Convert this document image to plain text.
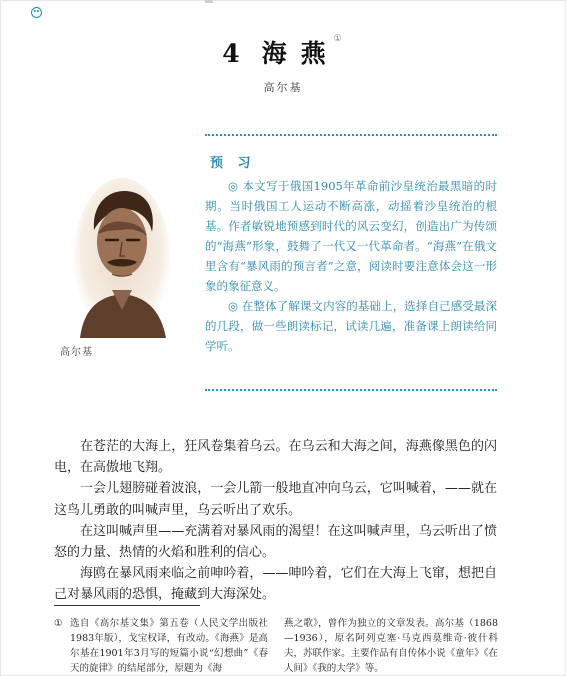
4 海 燕 ①
高尔基
高尔基
预 习

◎ 本文写于俄国1905年革命前沙皇统治最黑暗的时期。当时俄国工人运动不断高涨，动摇着沙皇统治的根基。作者敏锐地预感到时代的风云变幻，创造出广为传颂的“海燕”形象，鼓舞了一代又一代革命者。“海燕”在俄文里含有“暴风雨的预言者”之意，阅读时要注意体会这一形象的象征意义。

◎ 在整体了解课文内容的基础上，选择自己感受最深的几段，做一些朗读标记，试读几遍，准备课上朗读给同学听。

在苍茫的大海上，狂风卷集着乌云。在乌云和大海之间，海燕像黑色的闪电，在高傲地飞翔。

一会儿翅膀碰着波浪，一会儿箭一般地直冲向乌云，它叫喊着，——就在这鸟儿勇敢的叫喊声里，乌云听出了欢乐。

在这叫喊声里——充满着对暴风雨的渴望！在这叫喊声里，乌云听出了愤怒的力量、热情的火焰和胜利的信心。

海鸥在暴风雨来临之前呻吟着，——呻吟着，它们在大海上飞窜，想把自己对暴风雨的恐惧，掩藏到大海深处。

① 选自《高尔基文集》第五卷（人民文学出版社1983年版），戈宝权译，有改动。《海燕》是高尔基在1901年3月写的短篇小说“幻想曲”《春天的旋律》的结尾部分，原题为《海
燕之歌》，曾作为独立的文章发表。高尔基（1868—1936），原名阿列克塞·马克西莫维奇·彼什科夫，苏联作家。主要作品有自传体小说《童年》《在人间》《我的大学》等。
